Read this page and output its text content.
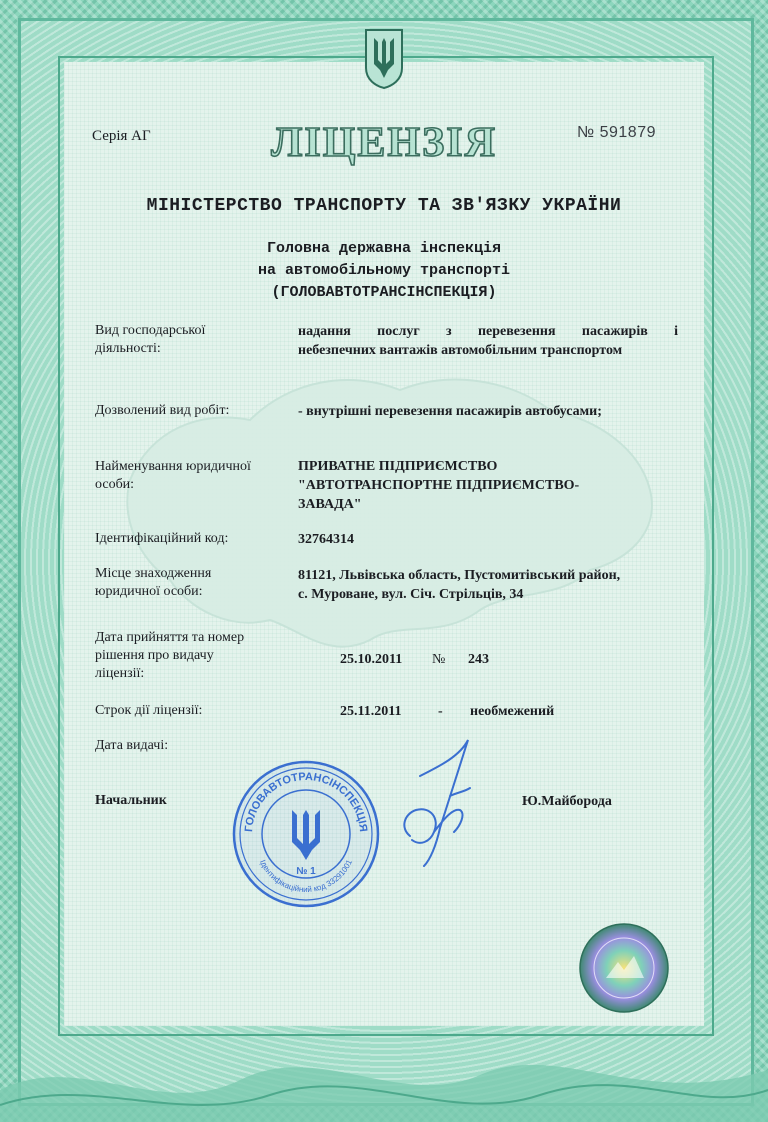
Серія АГ	ЛІЦЕНЗІЯ	№ 591879
МІНІСТЕРСТВО ТРАНСПОРТУ ТА ЗВ'ЯЗКУ УКРАЇНИ
Головна державна інспекція
на автомобільному транспорті
(ГОЛОВАВТОТРАНСІНСПЕКЦІЯ)
Вид господарської
діяльності:
надання послуг з перевезення пасажирів і
небезпечних вантажів автомобільним транспортом
Дозволений вид робіт:	- внутрішні перевезення пасажирів автобусами;
Найменування юридичної
особи:
ПРИВАТНЕ ПІДПРИЄМСТВО
"АВТОТРАНСПОРТНЕ ПІДПРИЄМСТВО-
ЗАВАДА"
Ідентифікаційний код:	32764314
Місце знаходження
юридичної особи:
81121, Львівська область, Пустомитівський район,
с. Муроване, вул. Січ. Стрільців, 34
Дата прийняття та номер
рішення про видачу
ліцензії:
25.10.2011 № 243
Строк дії ліцензії:	25.11.2011	- необмежений
Дата видачі:
Начальник	Ю.Майборода
ГОЛОВАВТОТРАНСІНСПЕКЦІЯ
Ідентифікаційний код 33291001
№ 1
